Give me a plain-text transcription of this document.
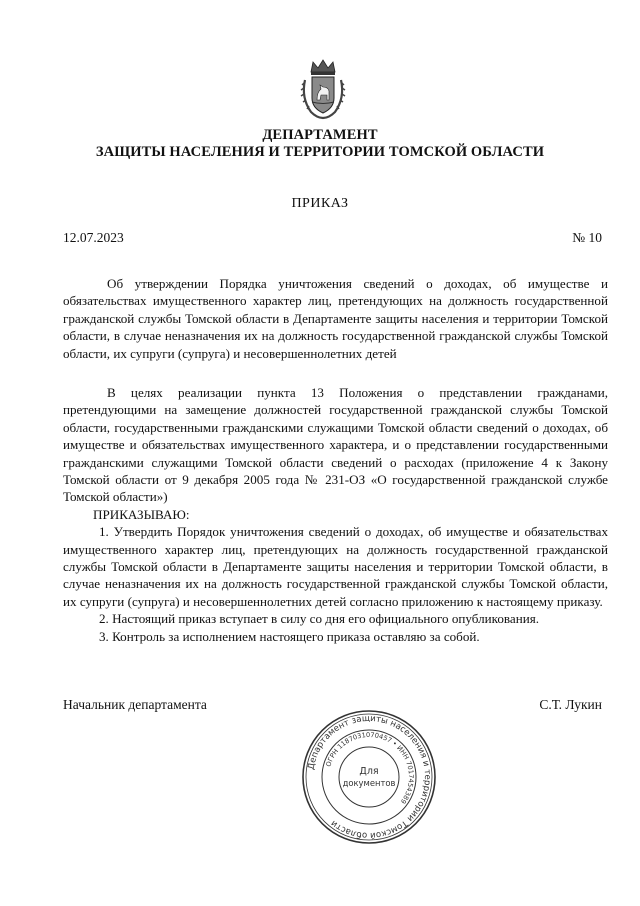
ДЕПАРТАМЕНТ
ЗАЩИТЫ НАСЕЛЕНИЯ И ТЕРРИТОРИИ ТОМСКОЙ ОБЛАСТИ
ПРИКАЗ
12.07.2023	№ 10

Об утверждении Порядка уничтожения сведений о доходах, об имуществе и обязательствах имущественного характер лиц, претендующих на должность государственной гражданской службы Томской области в Департаменте защиты населения и территории Томской области, в случае неназначения их на должность государственной гражданской службы Томской области, их супруги (супруга) и несовершеннолетних детей

В целях реализации пункта 13 Положения о представлении гражданами, претендующими на замещение должностей государственной гражданской службы Томской области, государственными гражданскими служащими Томской области сведений о доходах, об имуществе и обязательствах имущественного характера, и о представлении государственными гражданскими служащими Томской области сведений о расходах (приложение 4 к Закону Томской области от 9 декабря 2005 года № 231-ОЗ «О государственной гражданской службе Томской области»)

ПРИКАЗЫВАЮ:

1. Утвердить Порядок уничтожения сведений о доходах, об имуществе и обязательствах имущественного характер лиц, претендующих на должность государственной гражданской службы Томской области в Департаменте защиты населения и территории Томской области, в случае неназначения их на должность государственной гражданской службы Томской области, их супруги (супруга) и несовершеннолетних детей согласно приложению к настоящему приказу.

2. Настоящий приказ вступает в силу со дня его официального опубликования.

3. Контроль за исполнением настоящего приказа оставляю за собой.

Начальник департамента	С.Т. Лукин
Департамент защиты населения и территории Томской области
ОГРН 1187031070457 • ИНН 7017454389
Для
документов
